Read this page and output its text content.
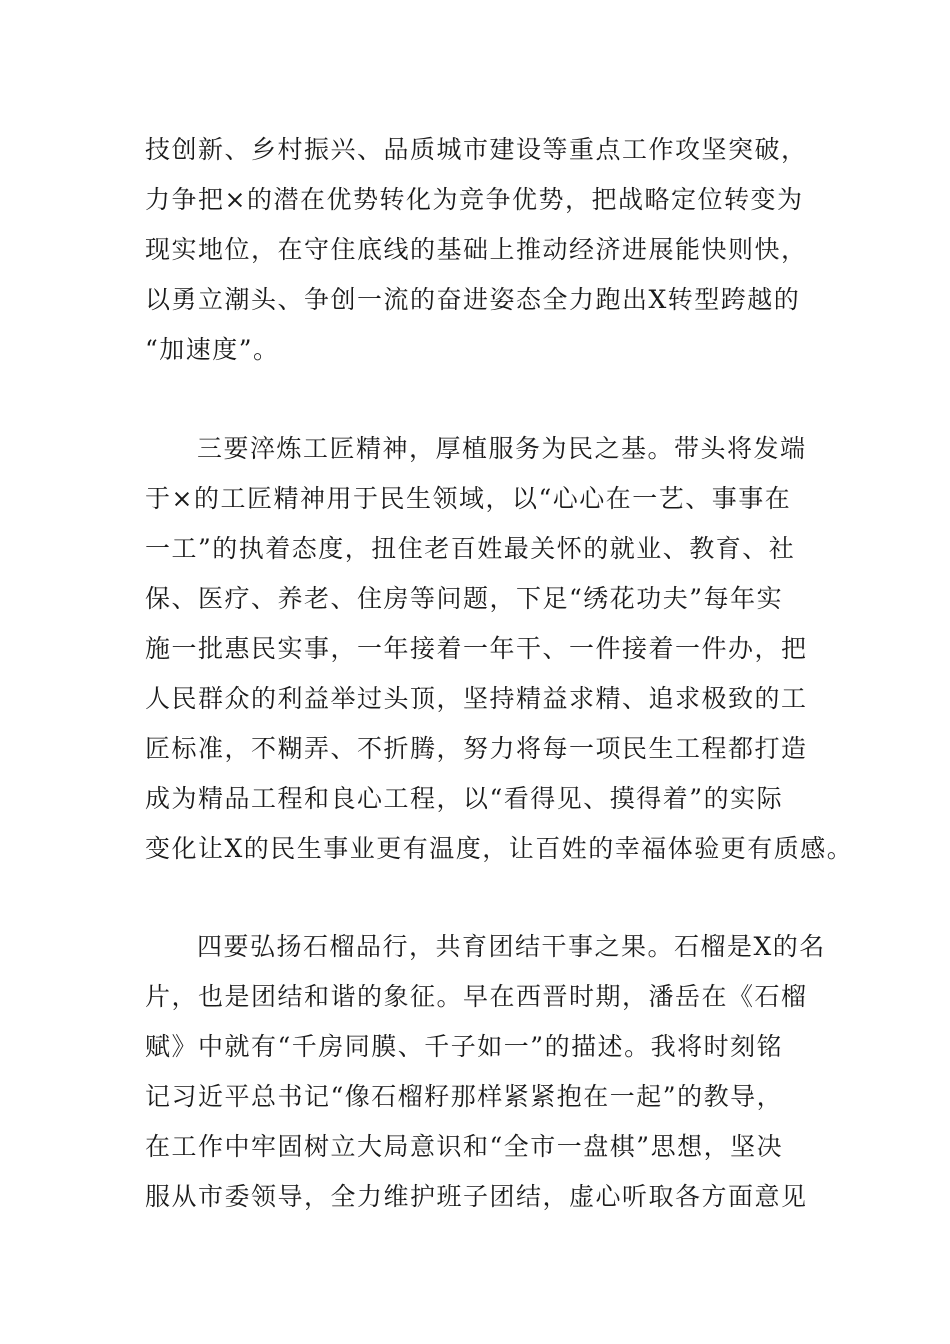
技创新、乡村振兴、品质城市建设等重点工作攻坚突破，
力争把×的潜在优势转化为竞争优势，把战略定位转变为
现实地位，在守住底线的基础上推动经济进展能快则快，
以勇立潮头、争创一流的奋进姿态全力跑出X转型跨越的
“加速度”。
三要淬炼工匠精神，厚植服务为民之基。带头将发端
于×的工匠精神用于民生领域，以“心心在一艺、事事在
一工”的执着态度，扭住老百姓最关怀的就业、教育、社
保、医疗、养老、住房等问题，下足“绣花功夫”每年实
施一批惠民实事，一年接着一年干、一件接着一件办，把
人民群众的利益举过头顶，坚持精益求精、追求极致的工
匠标准，不糊弄、不折腾，努力将每一项民生工程都打造
成为精品工程和良心工程，以“看得见、摸得着”的实际
变化让X的民生事业更有温度，让百姓的幸福体验更有质感。
四要弘扬石榴品行，共育团结干事之果。石榴是X的名
片，也是团结和谐的象征。早在西晋时期，潘岳在《石榴
赋》中就有“千房同膜、千子如一”的描述。我将时刻铭
记习近平总书记“像石榴籽那样紧紧抱在一起”的教导，
在工作中牢固树立大局意识和“全市一盘棋”思想，坚决
服从市委领导，全力维护班子团结，虚心听取各方面意见
